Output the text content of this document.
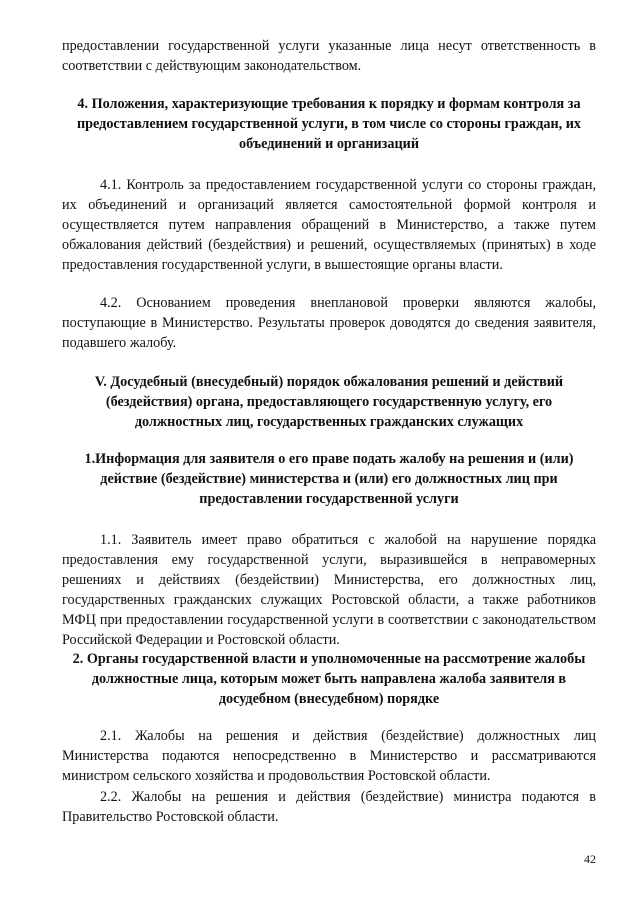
предоставлении государственной услуги указанные лица несут ответственность в соответствии с действующим законодательством.
4. Положения, характеризующие требования к порядку и формам контроля за предоставлением государственной услуги, в том числе со стороны граждан, их объединений и организаций
4.1. Контроль за предоставлением государственной услуги со стороны граждан, их объединений и организаций является самостоятельной формой контроля и осуществляется путем направления обращений в Министерство, а также путем обжалования действий (бездействия) и решений, осуществляемых (принятых) в ходе предоставления государственной услуги, в вышестоящие органы власти.
4.2. Основанием проведения внеплановой проверки являются жалобы, поступающие в Министерство. Результаты проверок доводятся до сведения заявителя, подавшего жалобу.
V. Досудебный (внесудебный) порядок обжалования решений и действий (бездействия) органа, предоставляющего государственную услугу, его должностных лиц, государственных гражданских служащих
1.Информация для заявителя о его праве подать жалобу на решения и (или) действие (бездействие) министерства и (или) его должностных лиц при предоставлении государственной услуги
1.1. Заявитель имеет право обратиться с жалобой на нарушение порядка предоставления ему государственной услуги, выразившейся в неправомерных решениях и действиях (бездействии) Министерства, его должностных лиц, государственных гражданских служащих Ростовской области, а также работников МФЦ при предоставлении государственной услуги в соответствии с законодательством Российской Федерации и Ростовской области.
2. Органы государственной власти и уполномоченные на рассмотрение жалобы должностные лица, которым может быть направлена жалоба заявителя в досудебном (внесудебном) порядке
2.1. Жалобы на решения и действия (бездействие) должностных лиц Министерства подаются непосредственно в Министерство и рассматриваются министром сельского хозяйства и продовольствия Ростовской области.
2.2. Жалобы на решения и действия (бездействие) министра подаются в Правительство Ростовской области.
42
